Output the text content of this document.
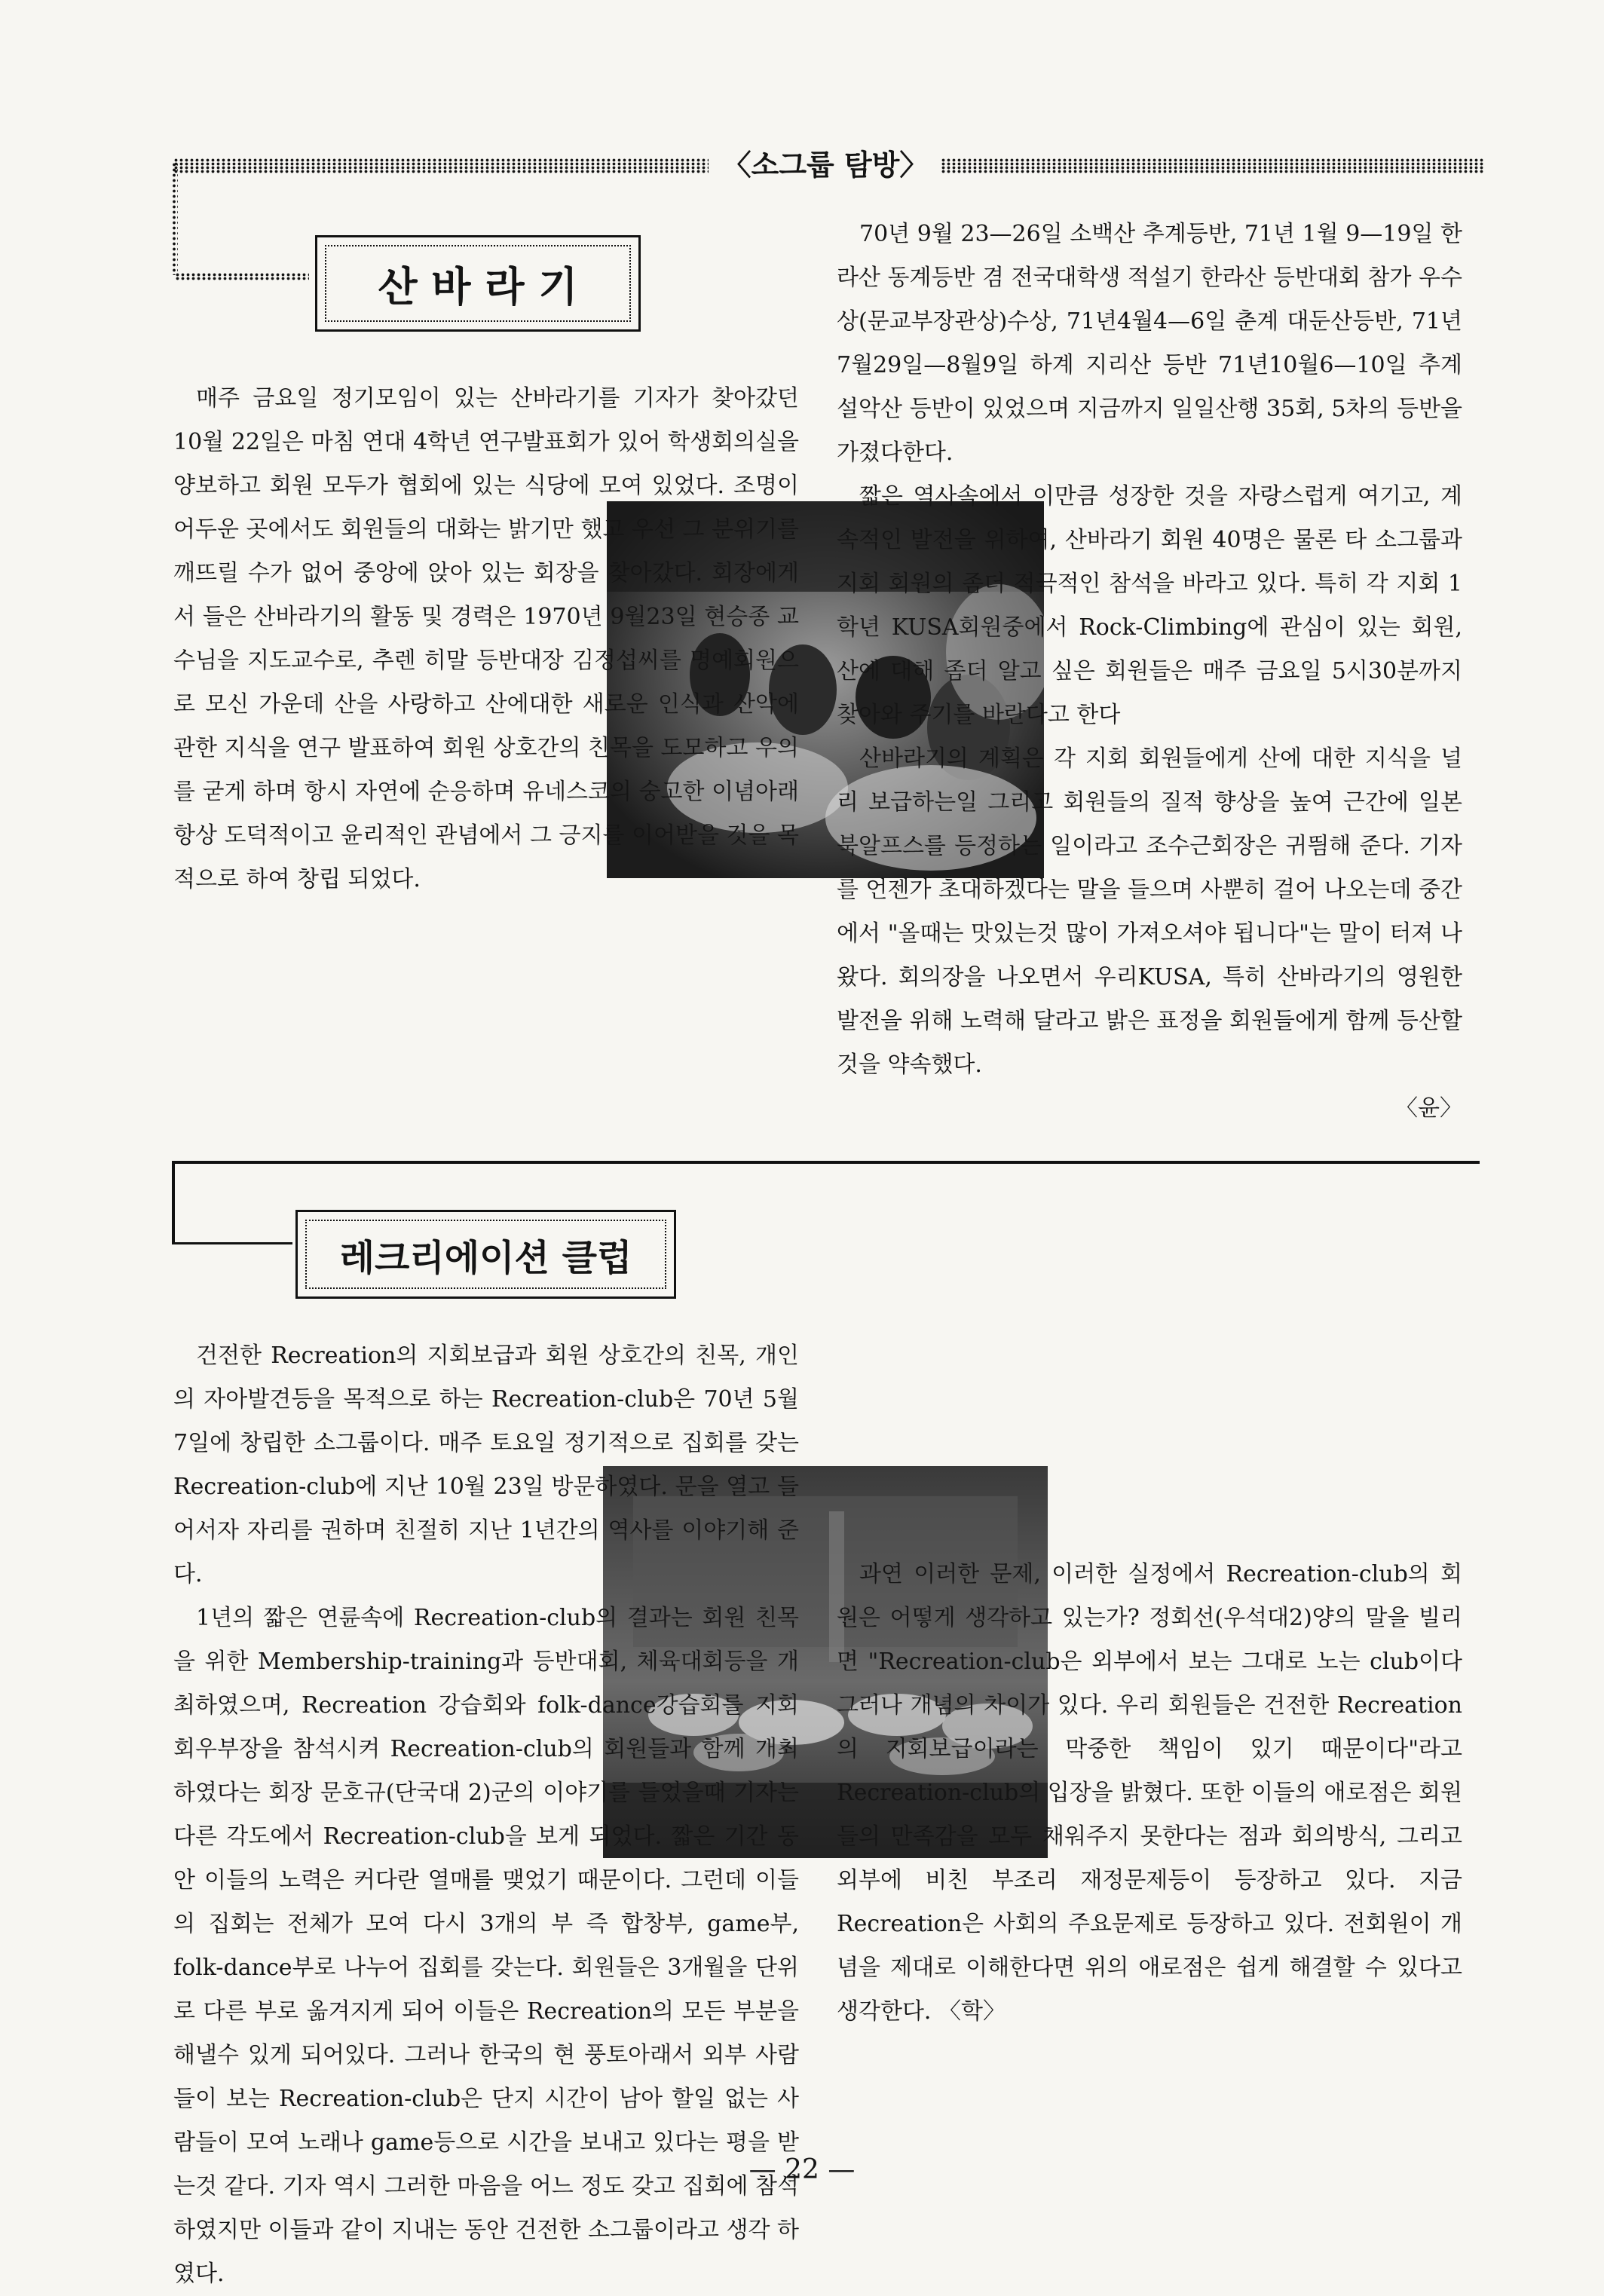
〈소그룹 탐방〉
산 바 라 기

매주 금요일 정기모임이 있는 산바라기를 기자가 찾아갔던 10월 22일은 마침 연대 4학년 연구발표회가 있어 학생회의실을 양보하고 회원 모두가 협회에 있는 식당에 모여 있었다. 조명이 어두운 곳에서도 회원들의 대화는 밝기만 했고 우선 그 분위기를 깨뜨릴 수가 없어 중앙에 앉아 있는 회장을 찾아갔다. 회장에게서 들은 산바라기의 활동 및 경력은 1970년 9월23일 현승종 교수님을 지도교수로, 추렌 히말 등반대장 김정섭씨를 명예회원으로 모신 가운데 산을 사랑하고 산에대한 새로운 인식과 산악에 관한 지식을 연구 발표하여 회원 상호간의 친목을 도모하고 우의를 굳게 하며 항시 자연에 순응하며 유네스코의 숭고한 이념아래 항상 도덕적이고 윤리적인 관념에서 그 긍지를 이어받을 것을 목적으로 하여 창립 되었다.

70년 9월 23—26일 소백산 추계등반, 71년 1월 9—19일 한라산 동계등반 겸 전국대학생 적설기 한라산 등반대회 참가 우수상(문교부장관상)수상, 71년4월4—6일 춘계 대둔산등반, 71년7월29일—8월9일 하계 지리산 등반 71년10월6—10일 추계 설악산 등반이 있었으며 지금까지 일일산행 35회, 5차의 등반을 가졌다한다.

짧은 역사속에서 이만큼 성장한 것을 자랑스럽게 여기고, 계속적인 발전을 위하여, 산바라기 회원 40명은 물론 타 소그룹과 지회 회원의 좀더 적극적인 참석을 바라고 있다. 특히 각 지회 1학년 KUSA회원중에서 Rock-Climbing에 관심이 있는 회원, 산에 대해 좀더 알고 싶은 회원들은 매주 금요일 5시30분까지 찾아와 주기를 바란다고 한다

산바라기의 계획은 각 지회 회원들에게 산에 대한 지식을 널리 보급하는일 그리고 회원들의 질적 향상을 높여 근간에 일본 북알프스를 등정하는 일이라고 조수근회장은 귀띔해 준다. 기자를 언젠가 초대하겠다는 말을 들으며 사뿐히 걸어 나오는데 중간에서 "올때는 맛있는것 많이 가져오셔야 됩니다"는 말이 터져 나왔다. 회의장을 나오면서 우리KUSA, 특히 산바라기의 영원한 발전을 위해 노력해 달라고 밝은 표정을 회원들에게 함께 등산할 것을 약속했다.

〈윤〉

레크리에이션 클럽

건전한 Recreation의 지회보급과 회원 상호간의 친목, 개인의 자아발견등을 목적으로 하는 Recreation-club은 70년 5월 7일에 창립한 소그룹이다. 매주 토요일 정기적으로 집회를 갖는 Recreation-club에 지난 10월 23일 방문하였다. 문을 열고 들어서자 자리를 권하며 친절히 지난 1년간의 역사를 이야기해 준다.

1년의 짧은 연륜속에 Recreation-club의 결과는 회원 친목을 위한 Membership-training과 등반대회, 체육대회등을 개최하였으며, Recreation 강습회와 folk-dance강습회를 지회 회우부장을 참석시켜 Recreation-club의 회원들과 함께 개최하였다는 회장 문호규(단국대 2)군의 이야기를 들었을때 기자는 다른 각도에서 Recreation-club을 보게 되었다. 짧은 기간 동안 이들의 노력은 커다란 열매를 맺었기 때문이다. 그런데 이들의 집회는 전체가 모여 다시 3개의 부 즉 합창부, game부, folk-dance부로 나누어 집회를 갖는다. 회원들은 3개월을 단위로 다른 부로 옮겨지게 되어 이들은 Recreation의 모든 부분을 해낼수 있게 되어있다. 그러나 한국의 현 풍토아래서 외부 사람들이 보는 Recreation-club은 단지 시간이 남아 할일 없는 사람들이 모여 노래나 game등으로 시간을 보내고 있다는 평을 받는것 같다. 기자 역시 그러한 마음을 어느 정도 갖고 집회에 참석하였지만 이들과 같이 지내는 동안 건전한 소그룹이라고 생각 하였다.

과연 이러한 문제, 이러한 실정에서 Recreation-club의 회원은 어떻게 생각하고 있는가? 정회선(우석대2)양의 말을 빌리면 "Recreation-club은 외부에서 보는 그대로 노는 club이다 그러나 개념의 차이가 있다. 우리 회원들은 건전한 Recreation의 지회보급이라는 막중한 책임이 있기 때문이다"라고 Recreation-club의 입장을 밝혔다. 또한 이들의 애로점은 회원들의 만족감을 모두 채워주지 못한다는 점과 회의방식, 그리고 외부에 비친 부조리 재정문제등이 등장하고 있다. 지금 Recreation은 사회의 주요문제로 등장하고 있다. 전회원이 개념을 제대로 이해한다면 위의 애로점은 쉽게 해결할 수 있다고 생각한다. 〈학〉

— 22 —
